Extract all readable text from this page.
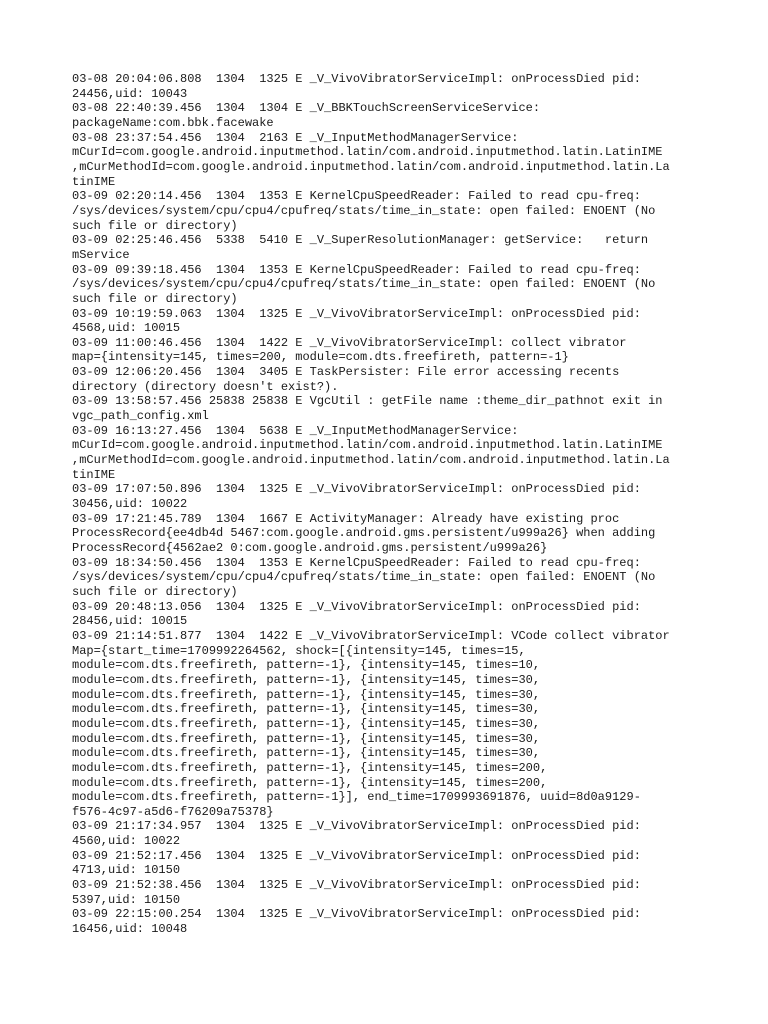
03-08 20:04:06.808  1304  1325 E _V_VivoVibratorServiceImpl: onProcessDied pid:
24456,uid: 10043
03-08 22:40:39.456  1304  1304 E _V_BBKTouchScreenServiceService:
packageName:com.bbk.facewake
03-08 23:37:54.456  1304  2163 E _V_InputMethodManagerService:
mCurId=com.google.android.inputmethod.latin/com.android.inputmethod.latin.LatinIME
,mCurMethodId=com.google.android.inputmethod.latin/com.android.inputmethod.latin.La
tinIME
03-09 02:20:14.456  1304  1353 E KernelCpuSpeedReader: Failed to read cpu-freq:
/sys/devices/system/cpu/cpu4/cpufreq/stats/time_in_state: open failed: ENOENT (No
such file or directory)
03-09 02:25:46.456  5338  5410 E _V_SuperResolutionManager: getService:   return
mService
03-09 09:39:18.456  1304  1353 E KernelCpuSpeedReader: Failed to read cpu-freq:
/sys/devices/system/cpu/cpu4/cpufreq/stats/time_in_state: open failed: ENOENT (No
such file or directory)
03-09 10:19:59.063  1304  1325 E _V_VivoVibratorServiceImpl: onProcessDied pid:
4568,uid: 10015
03-09 11:00:46.456  1304  1422 E _V_VivoVibratorServiceImpl: collect vibrator
map={intensity=145, times=200, module=com.dts.freefireth, pattern=-1}
03-09 12:06:20.456  1304  3405 E TaskPersister: File error accessing recents
directory (directory doesn't exist?).
03-09 13:58:57.456 25838 25838 E VgcUtil : getFile name :theme_dir_pathnot exit in
vgc_path_config.xml
03-09 16:13:27.456  1304  5638 E _V_InputMethodManagerService:
mCurId=com.google.android.inputmethod.latin/com.android.inputmethod.latin.LatinIME
,mCurMethodId=com.google.android.inputmethod.latin/com.android.inputmethod.latin.La
tinIME
03-09 17:07:50.896  1304  1325 E _V_VivoVibratorServiceImpl: onProcessDied pid:
30456,uid: 10022
03-09 17:21:45.789  1304  1667 E ActivityManager: Already have existing proc
ProcessRecord{ee4db4d 5467:com.google.android.gms.persistent/u999a26} when adding
ProcessRecord{4562ae2 0:com.google.android.gms.persistent/u999a26}
03-09 18:34:50.456  1304  1353 E KernelCpuSpeedReader: Failed to read cpu-freq:
/sys/devices/system/cpu/cpu4/cpufreq/stats/time_in_state: open failed: ENOENT (No
such file or directory)
03-09 20:48:13.056  1304  1325 E _V_VivoVibratorServiceImpl: onProcessDied pid:
28456,uid: 10015
03-09 21:14:51.877  1304  1422 E _V_VivoVibratorServiceImpl: VCode collect vibrator
Map={start_time=1709992264562, shock=[{intensity=145, times=15,
module=com.dts.freefireth, pattern=-1}, {intensity=145, times=10,
module=com.dts.freefireth, pattern=-1}, {intensity=145, times=30,
module=com.dts.freefireth, pattern=-1}, {intensity=145, times=30,
module=com.dts.freefireth, pattern=-1}, {intensity=145, times=30,
module=com.dts.freefireth, pattern=-1}, {intensity=145, times=30,
module=com.dts.freefireth, pattern=-1}, {intensity=145, times=30,
module=com.dts.freefireth, pattern=-1}, {intensity=145, times=30,
module=com.dts.freefireth, pattern=-1}, {intensity=145, times=200,
module=com.dts.freefireth, pattern=-1}, {intensity=145, times=200,
module=com.dts.freefireth, pattern=-1}], end_time=1709993691876, uuid=8d0a9129-
f576-4c97-a5d6-f76209a75378}
03-09 21:17:34.957  1304  1325 E _V_VivoVibratorServiceImpl: onProcessDied pid:
4560,uid: 10022
03-09 21:52:17.456  1304  1325 E _V_VivoVibratorServiceImpl: onProcessDied pid:
4713,uid: 10150
03-09 21:52:38.456  1304  1325 E _V_VivoVibratorServiceImpl: onProcessDied pid:
5397,uid: 10150
03-09 22:15:00.254  1304  1325 E _V_VivoVibratorServiceImpl: onProcessDied pid:
16456,uid: 10048
